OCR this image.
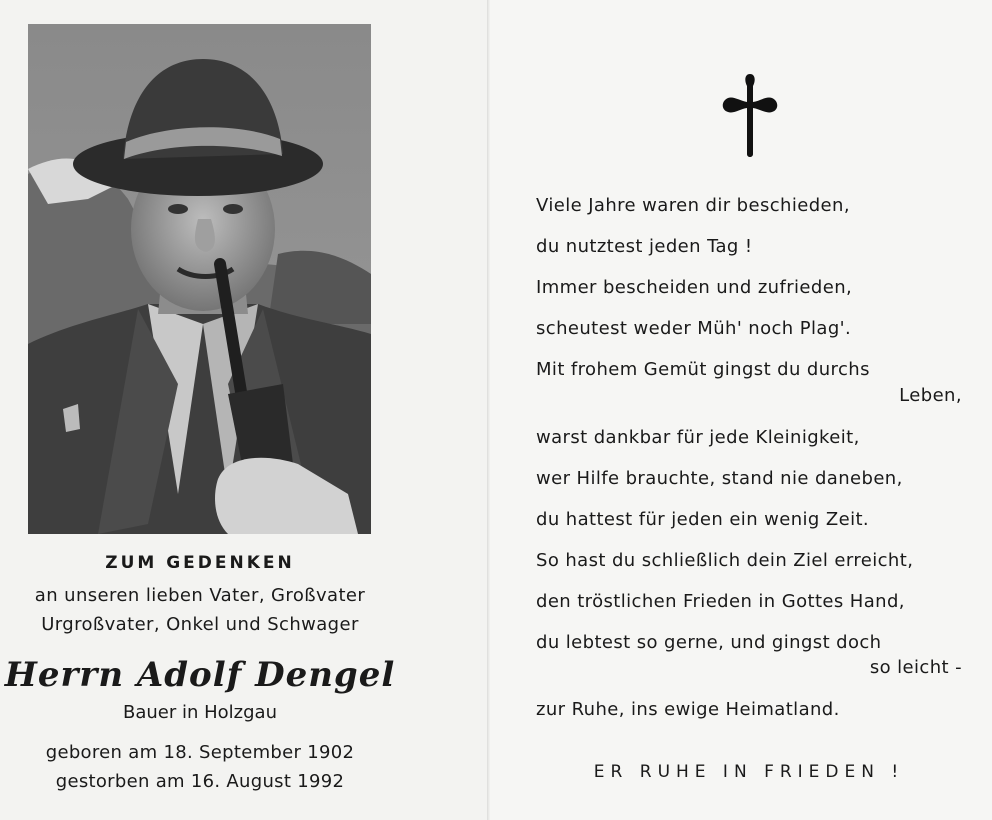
ZUM GEDENKEN
an unseren lieben Vater, Großvater
Urgroßvater, Onkel und Schwager
Herrn Adolf Dengel
Bauer in Holzgau
geboren am 18. September 1902
gestorben am 16. August 1992
Viele Jahre waren dir beschieden,
du nutztest jeden Tag !
Immer bescheiden und zufrieden,
scheutest weder Müh' noch Plag'.
Mit frohem Gemüt gingst du durchs
Leben,
warst dankbar für jede Kleinigkeit,
wer Hilfe brauchte, stand nie daneben,
du hattest für jeden ein wenig Zeit.
So hast du schließlich dein Ziel erreicht,
den tröstlichen Frieden in Gottes Hand,
du lebtest so gerne, und gingst doch
so leicht -
zur Ruhe, ins ewige Heimatland.
ER RUHE IN FRIEDEN !
